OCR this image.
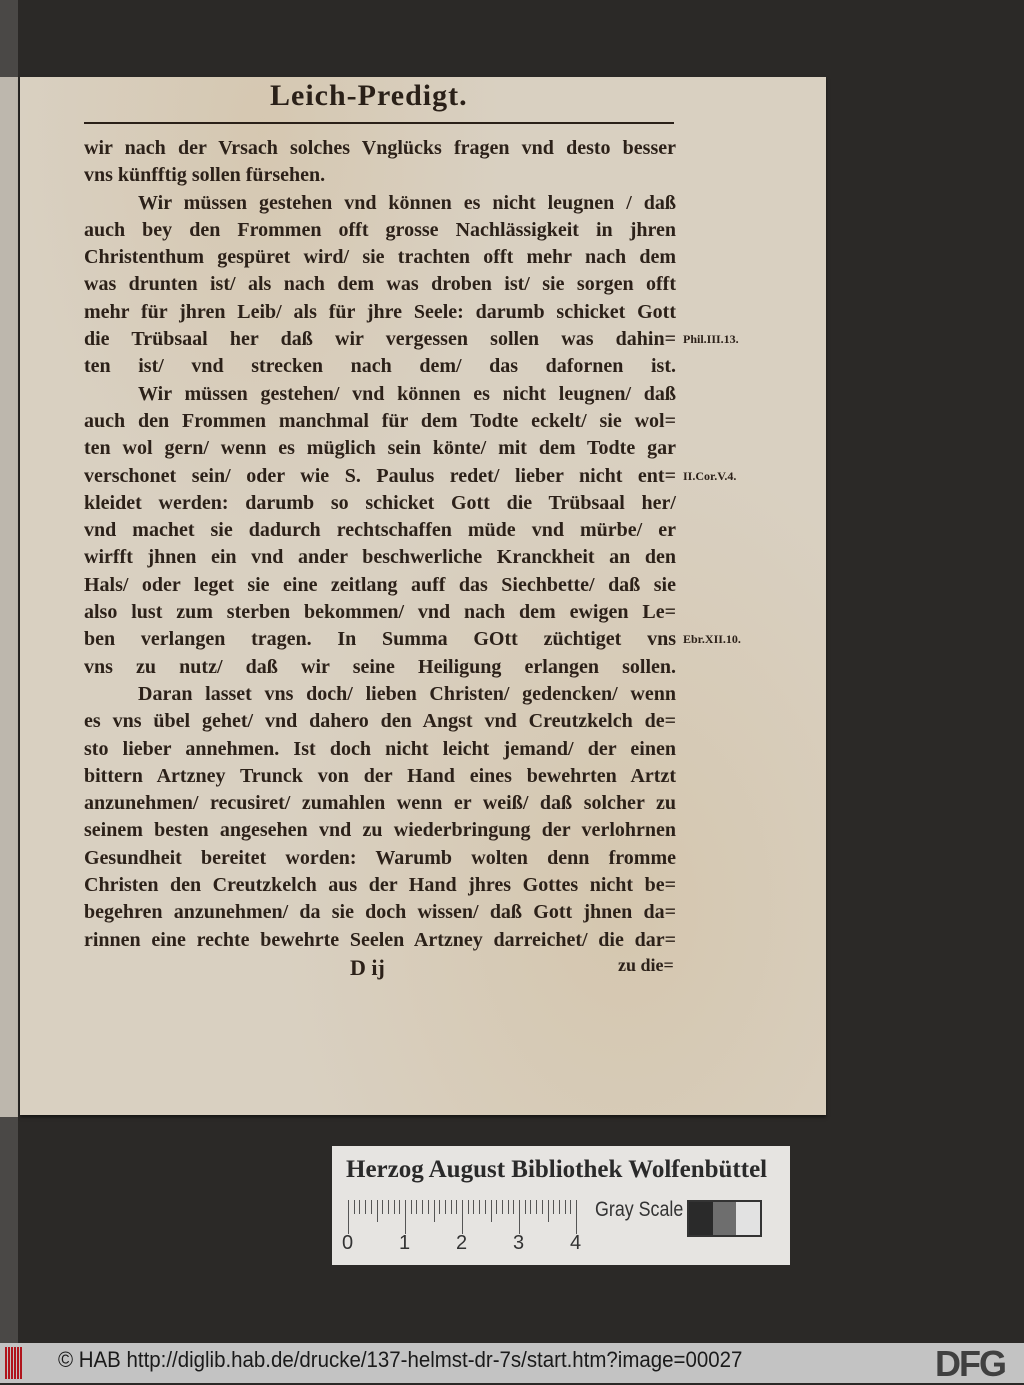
Leich-Predigt.
wir nach der Vrsach solches Vnglücks fragen vnd desto besser
vns künfftig sollen fürsehen.
Wir müssen gestehen vnd können es nicht leugnen / daß
auch bey den Frommen offt grosse Nachlässigkeit in jhren
Christenthum gespüret wird/ sie trachten offt mehr nach dem
was drunten ist/ als nach dem was droben ist/ sie sorgen offt
mehr für jhren Leib/ als für jhre Seele: darumb schicket Gott
die Trübsaal her daß wir vergessen sollen was dahin=
ten ist/ vnd strecken nach dem/ das dafornen ist.
Wir müssen gestehen/ vnd können es nicht leugnen/ daß
auch den Frommen manchmal für dem Todte eckelt/ sie wol=
ten wol gern/ wenn es müglich sein könte/ mit dem Todte gar
verschonet sein/ oder wie S. Paulus redet/ lieber nicht ent=
kleidet werden: darumb so schicket Gott die Trübsaal her/
vnd machet sie dadurch rechtschaffen müde vnd mürbe/ er
wirfft jhnen ein vnd ander beschwerliche Kranckheit an den
Hals/ oder leget sie eine zeitlang auff das Siechbette/ daß sie
also lust zum sterben bekommen/ vnd nach dem ewigen Le=
ben verlangen tragen. In Summa GOtt züchtiget vns
vns zu nutz/ daß wir seine Heiligung erlangen sollen.
Daran lasset vns doch/ lieben Christen/ gedencken/ wenn
es vns übel gehet/ vnd dahero den Angst vnd Creutzkelch de=
sto lieber annehmen. Ist doch nicht leicht jemand/ der einen
bittern Artzney Trunck von der Hand eines bewehrten Artzt
anzunehmen/ recusiret/ zumahlen wenn er weiß/ daß solcher zu
seinem besten angesehen vnd zu wiederbringung der verlohrnen
Gesundheit bereitet worden: Warumb wolten denn fromme
Christen den Creutzkelch aus der Hand jhres Gottes nicht be=
begehren anzunehmen/ da sie doch wissen/ daß Gott jhnen da=
rinnen eine rechte bewehrte Seelen Artzney darreichet/ die dar=
Phil.III.13.
II.Cor.V.4.
Ebr.XII.10.
D ij	zu die=
Herzog August Bibliothek Wolfenbüttel
0 1 2 3 4
Gray Scale
© HAB http://diglib.hab.de/drucke/137-helmst-dr-7s/start.htm?image=00027	DFG
